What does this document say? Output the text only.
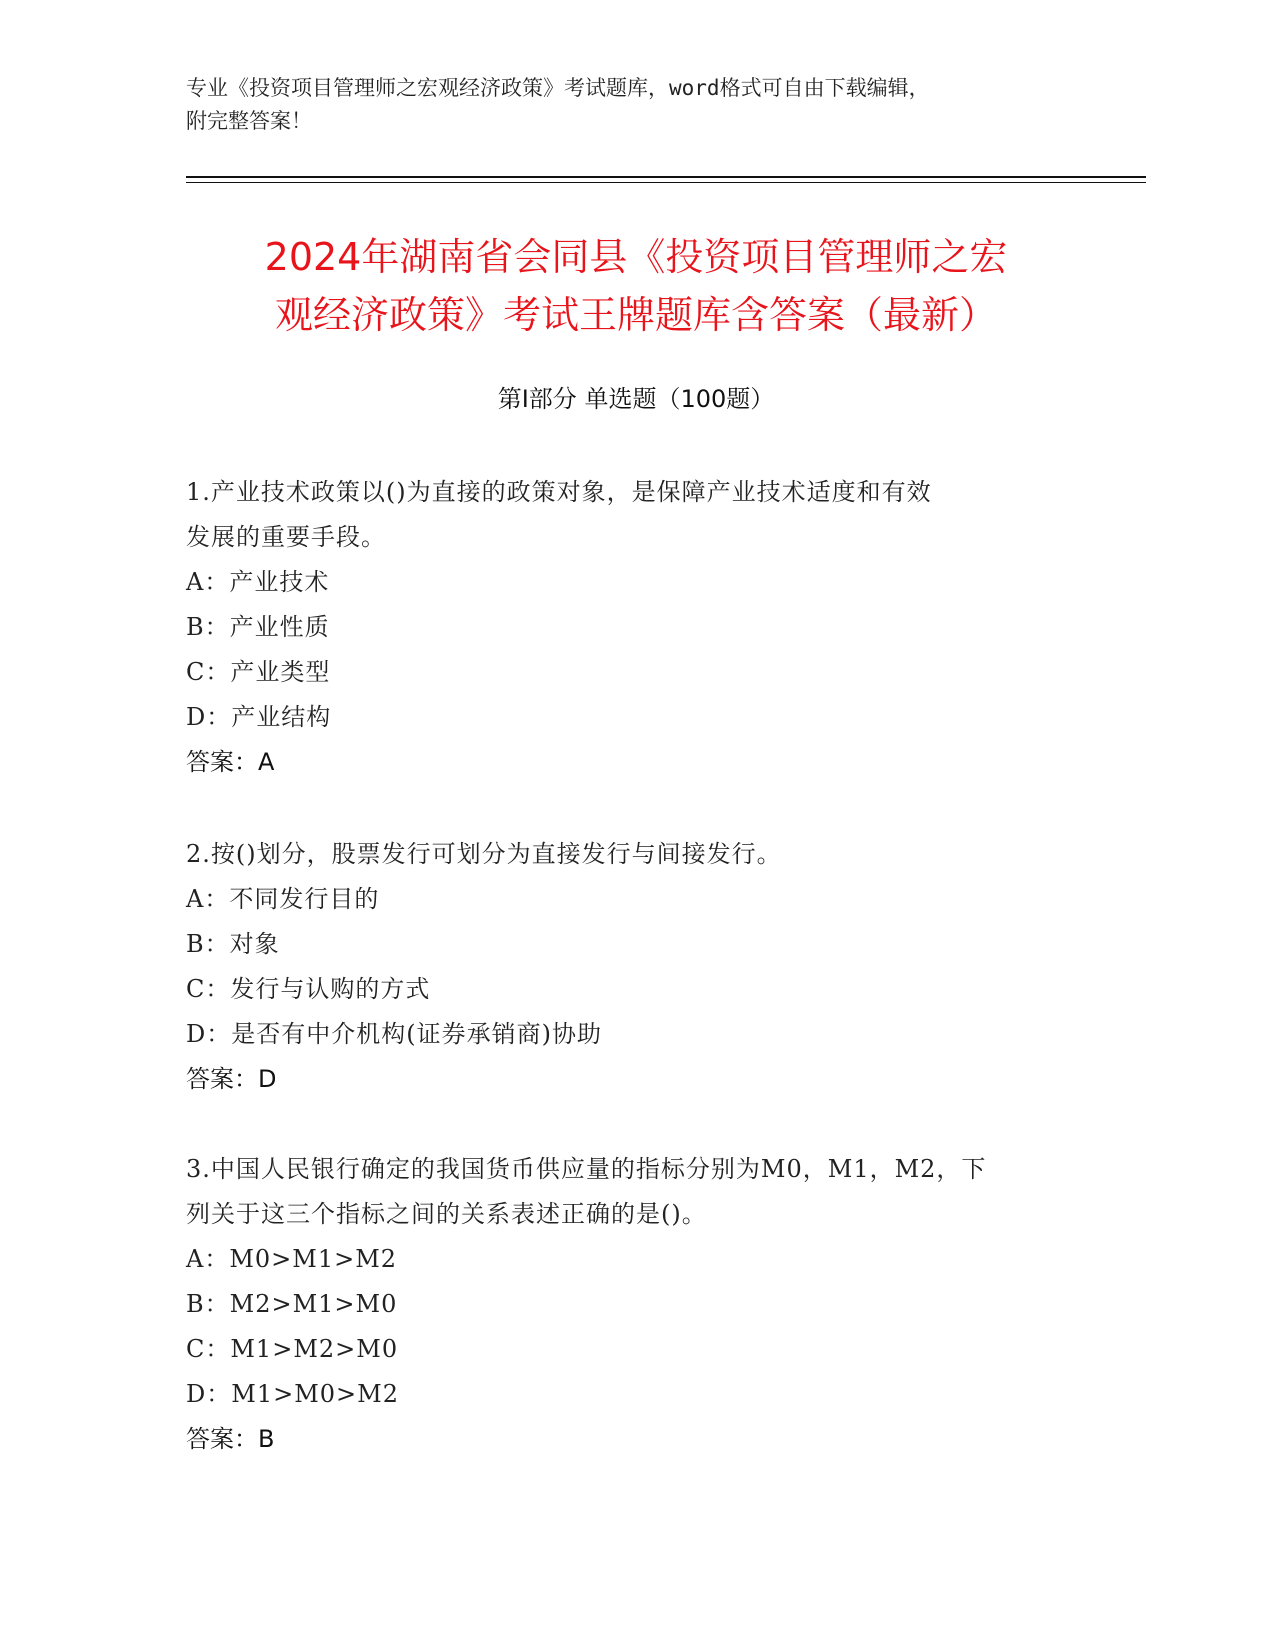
专业《投资项目管理师之宏观经济政策》考试题库，word格式可自由下载编辑，
附完整答案！
2024年湖南省会同县《投资项目管理师之宏
观经济政策》考试王牌题库含答案（最新）
第Ⅰ部分 单选题（100题）
1.产业技术政策以()为直接的政策对象，是保障产业技术适度和有效
发展的重要手段。
A：产业技术
B：产业性质
C：产业类型
D：产业结构
答案：A
2.按()划分，股票发行可划分为直接发行与间接发行。
A：不同发行目的
B：对象
C：发行与认购的方式
D：是否有中介机构(证券承销商)协助
答案：D
3.中国人民银行确定的我国货币供应量的指标分别为M0，M1，M2，下
列关于这三个指标之间的关系表述正确的是()。
A：M0>M1>M2
B：M2>M1>M0
C：M1>M2>M0
D：M1>M0>M2
答案：B
